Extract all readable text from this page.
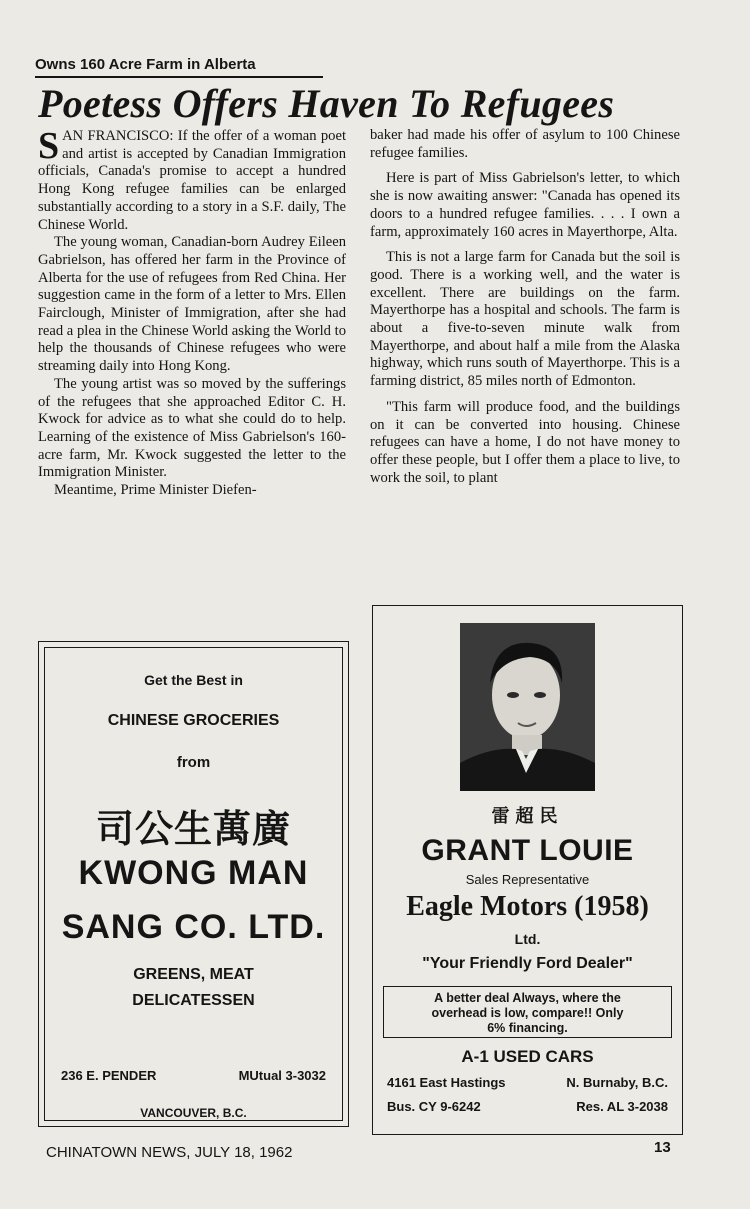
Owns 160 Acre Farm in Alberta
Poetess Offers Haven To Refugees

SAN FRANCISCO: If the offer of a woman poet and artist is accepted by Canadian Immigration officials, Canada's promise to accept a hundred Hong Kong refugee families can be enlarged substantially according to a story in a S.F. daily, The Chinese World.

The young woman, Canadian-born Audrey Eileen Gabrielson, has offered her farm in the Province of Alberta for the use of refugees from Red China. Her suggestion came in the form of a letter to Mrs. Ellen Fairclough, Minister of Immigration, after she had read a plea in the Chinese World asking the World to help the thousands of Chinese refugees who were streaming daily into Hong Kong.

The young artist was so moved by the sufferings of the refugees that she approached Editor C. H. Kwock for advice as to what she could do to help. Learning of the existence of Miss Gabrielson's 160-acre farm, Mr. Kwock suggested the letter to the Immigration Minister.

Meantime, Prime Minister Diefen-

baker had made his offer of asylum to 100 Chinese refugee families.

Here is part of Miss Gabrielson's letter, to which she is now awaiting answer: "Canada has opened its doors to a hundred refugee families. . . . I own a farm, approximately 160 acres in Mayerthorpe, Alta.

This is not a large farm for Canada but the soil is good. There is a working well, and the water is excellent. There are buildings on the farm. Mayerthorpe has a hospital and schools. The farm is about a five-to-seven minute walk from Mayerthorpe, and about half a mile from the Alaska highway, which runs south of Mayerthorpe. This is a farming district, 85 miles north of Edmonton.

"This farm will produce food, and the buildings on it can be converted into housing. Chinese refugees can have a home, I do not have money to offer these people, but I offer them a place to live, to work the soil, to plant

Get the Best in
CHINESE GROCERIES
from
司公生萬廣
KWONG MAN
SANG CO. LTD.
GREENS, MEAT
DELICATESSEN
236 E. PENDER	MUtual 3-3032
VANCOUVER, B.C.
雷超民
GRANT LOUIE
Sales Representative
Eagle Motors (1958)
Ltd.
"Your Friendly Ford Dealer"
A better deal Always, where the
overhead is low, compare!! Only
6% financing.
A-1 USED CARS
4161 East Hastings	N. Burnaby, B.C.
Bus. CY 9-6242	Res. AL 3-2038
CHINATOWN NEWS, JULY 18, 1962	13
